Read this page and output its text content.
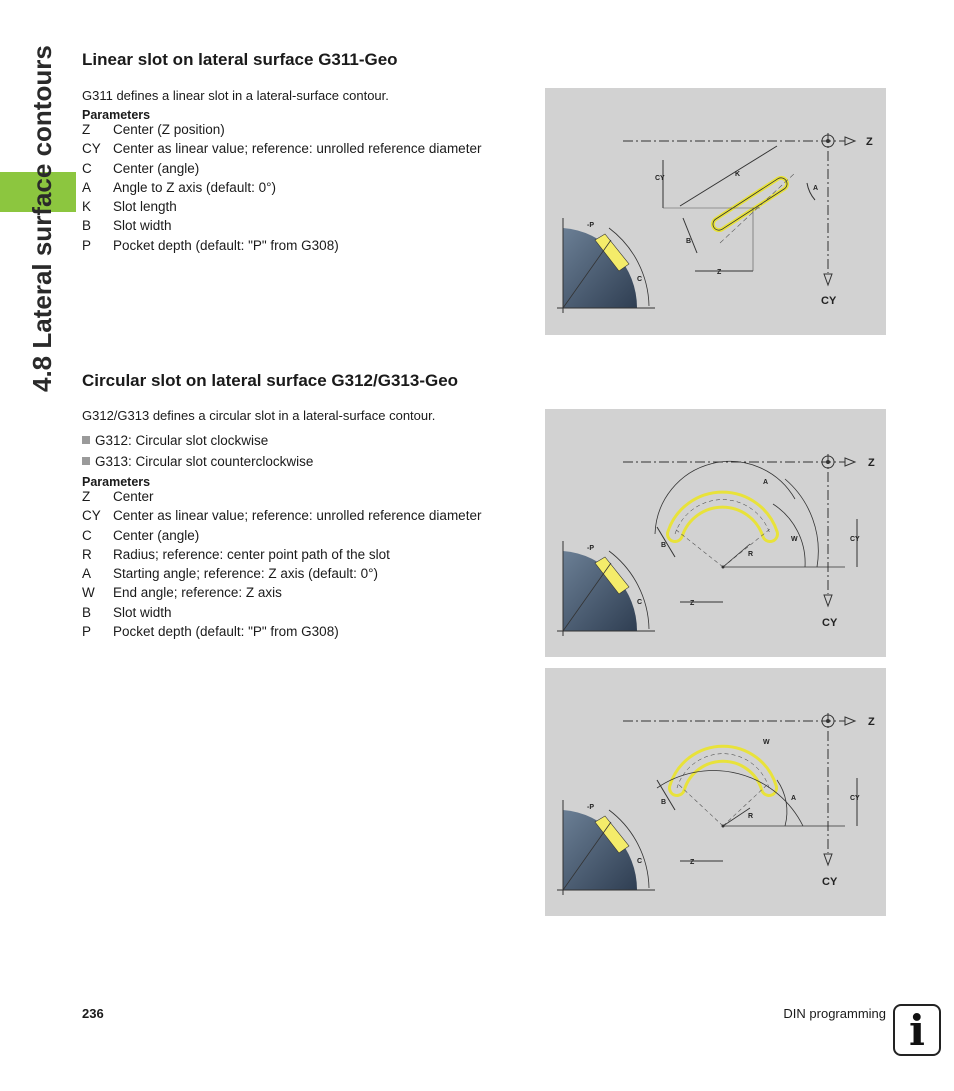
4.8 Lateral surface contours Linear slot on lateral surface G311-Geo
G311 defines a linear slot in a lateral-surface contour.
Parameters
Z Center (Z position)
CY Center as linear value; reference: unrolled reference diameter
C Center (angle)
A Angle to Z axis (default: 0°)
K Slot length
B Slot width
P Pocket depth (default: "P" from G308)
Z
CY
CY
Z
K
A
B
C
-P
Circular slot on lateral surface G312/G313-Geo
G312/G313 defines a circular slot in a lateral-surface contour.
G312: Circular slot clockwise
G313: Circular slot counterclockwise
Parameters
Z Center
CY Center as linear value; reference: unrolled reference diameter
C Center (angle)
R Radius; reference: center point path of the slot
A Starting angle; reference: Z axis (default: 0°)
W End angle; reference: Z axis
B Slot width
P Pocket depth (default: "P" from G308)
Z
CY
A
W
R
B
CY
Z
C
-P
Z
CY
W
A
R
B
CY
Z
C
-P
236	DIN programming i
